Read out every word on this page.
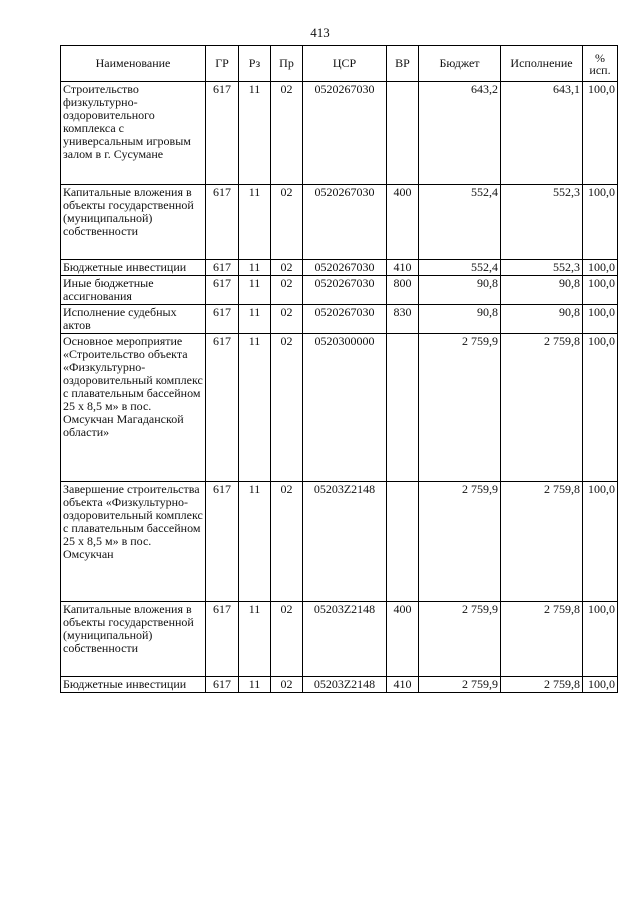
413
Наименование	ГР	Рз	Пр	ЦСР	ВР	Бюджет	Исполнение	%
исп.
Строительство физкультурно-оздоровительного комплекса с универсальным игровым залом в г. Сусумане	617	11	02	0520267030		643,2	643,1	100,0
Капитальные вложения в объекты государственной (муниципальной) собственности	617	11	02	0520267030	400	552,4	552,3	100,0
Бюджетные инвестиции	617	11	02	0520267030	410	552,4	552,3	100,0
Иные бюджетные ассигнования	617	11	02	0520267030	800	90,8	90,8	100,0
Исполнение судебных актов	617	11	02	0520267030	830	90,8	90,8	100,0
Основное мероприятие «Строительство объекта «Физкультурно-оздоровительный комплекс с плавательным бассейном 25 х 8,5 м» в пос. Омсукчан Магаданской области»	617	11	02	0520300000		2 759,9	2 759,8	100,0
Завершение строительства объекта «Физкультурно-оздоровительный комплекс с плавательным бассейном 25 х 8,5 м» в пос. Омсукчан	617	11	02	05203Z2148		2 759,9	2 759,8	100,0
Капитальные вложения в объекты государственной (муниципальной) собственности	617	11	02	05203Z2148	400	2 759,9	2 759,8	100,0
Бюджетные инвестиции	617	11	02	05203Z2148	410	2 759,9	2 759,8	100,0
